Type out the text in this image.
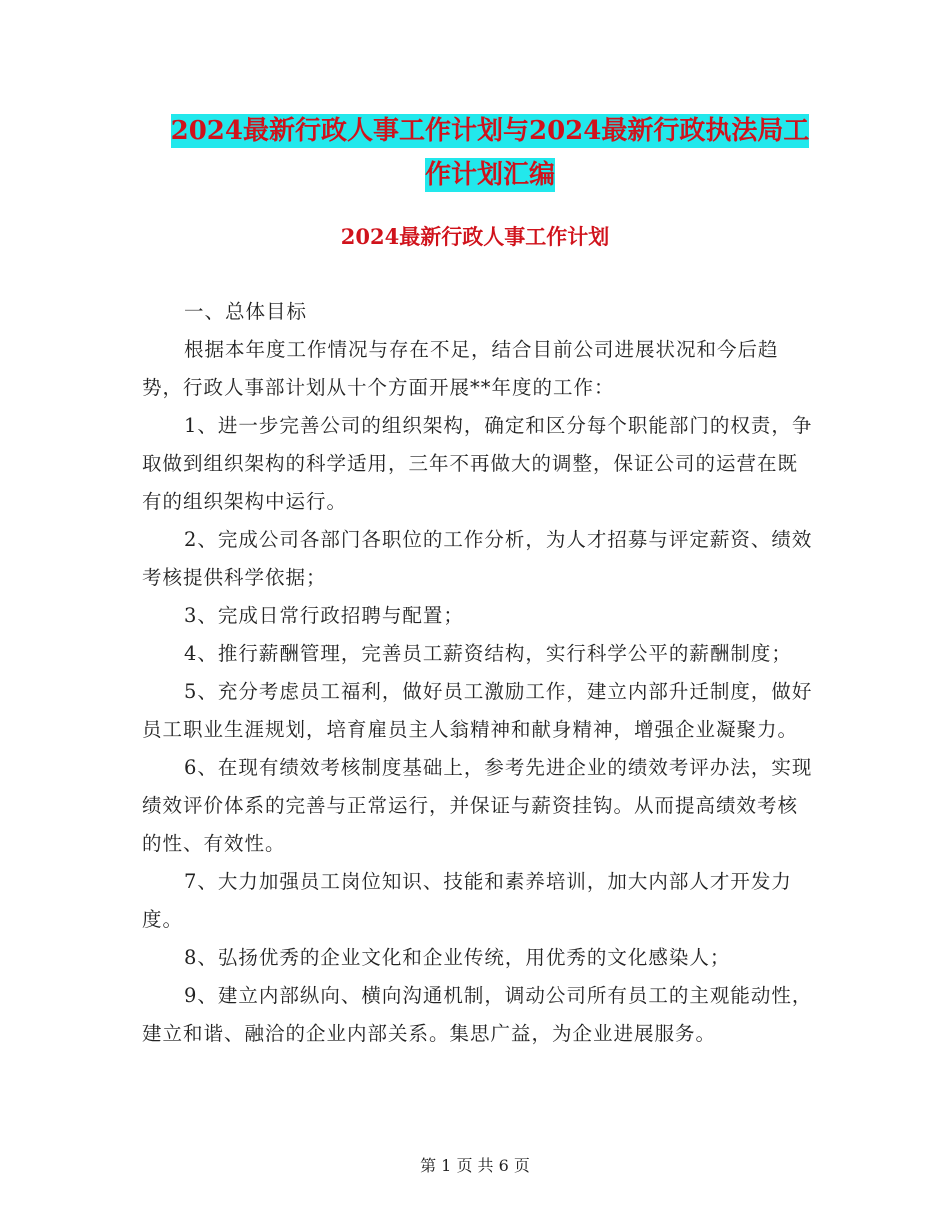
2024最新行政人事工作计划与2024最新行政执法局工
作计划汇编
2024最新行政人事工作计划

一、总体目标

根据本年度工作情况与存在不足，结合目前公司进展状况和今后趋势，行政人事部计划从十个方面开展**年度的工作：

1、进一步完善公司的组织架构，确定和区分每个职能部门的权责，争取做到组织架构的科学适用，三年不再做大的调整，保证公司的运营在既有的组织架构中运行。

2、完成公司各部门各职位的工作分析，为人才招募与评定薪资、绩效考核提供科学依据；

3、完成日常行政招聘与配置；

4、推行薪酬管理，完善员工薪资结构，实行科学公平的薪酬制度；

5、充分考虑员工福利，做好员工激励工作，建立内部升迁制度，做好员工职业生涯规划，培育雇员主人翁精神和献身精神，增强企业凝聚力。

6、在现有绩效考核制度基础上，参考先进企业的绩效考评办法，实现绩效评价体系的完善与正常运行，并保证与薪资挂钩。从而提高绩效考核的性、有效性。

7、大力加强员工岗位知识、技能和素养培训，加大内部人才开发力度。

8、弘扬优秀的企业文化和企业传统，用优秀的文化感染人；

9、建立内部纵向、横向沟通机制，调动公司所有员工的主观能动性，建立和谐、融洽的企业内部关系。集思广益，为企业进展服务。

第 1 页 共 6 页
